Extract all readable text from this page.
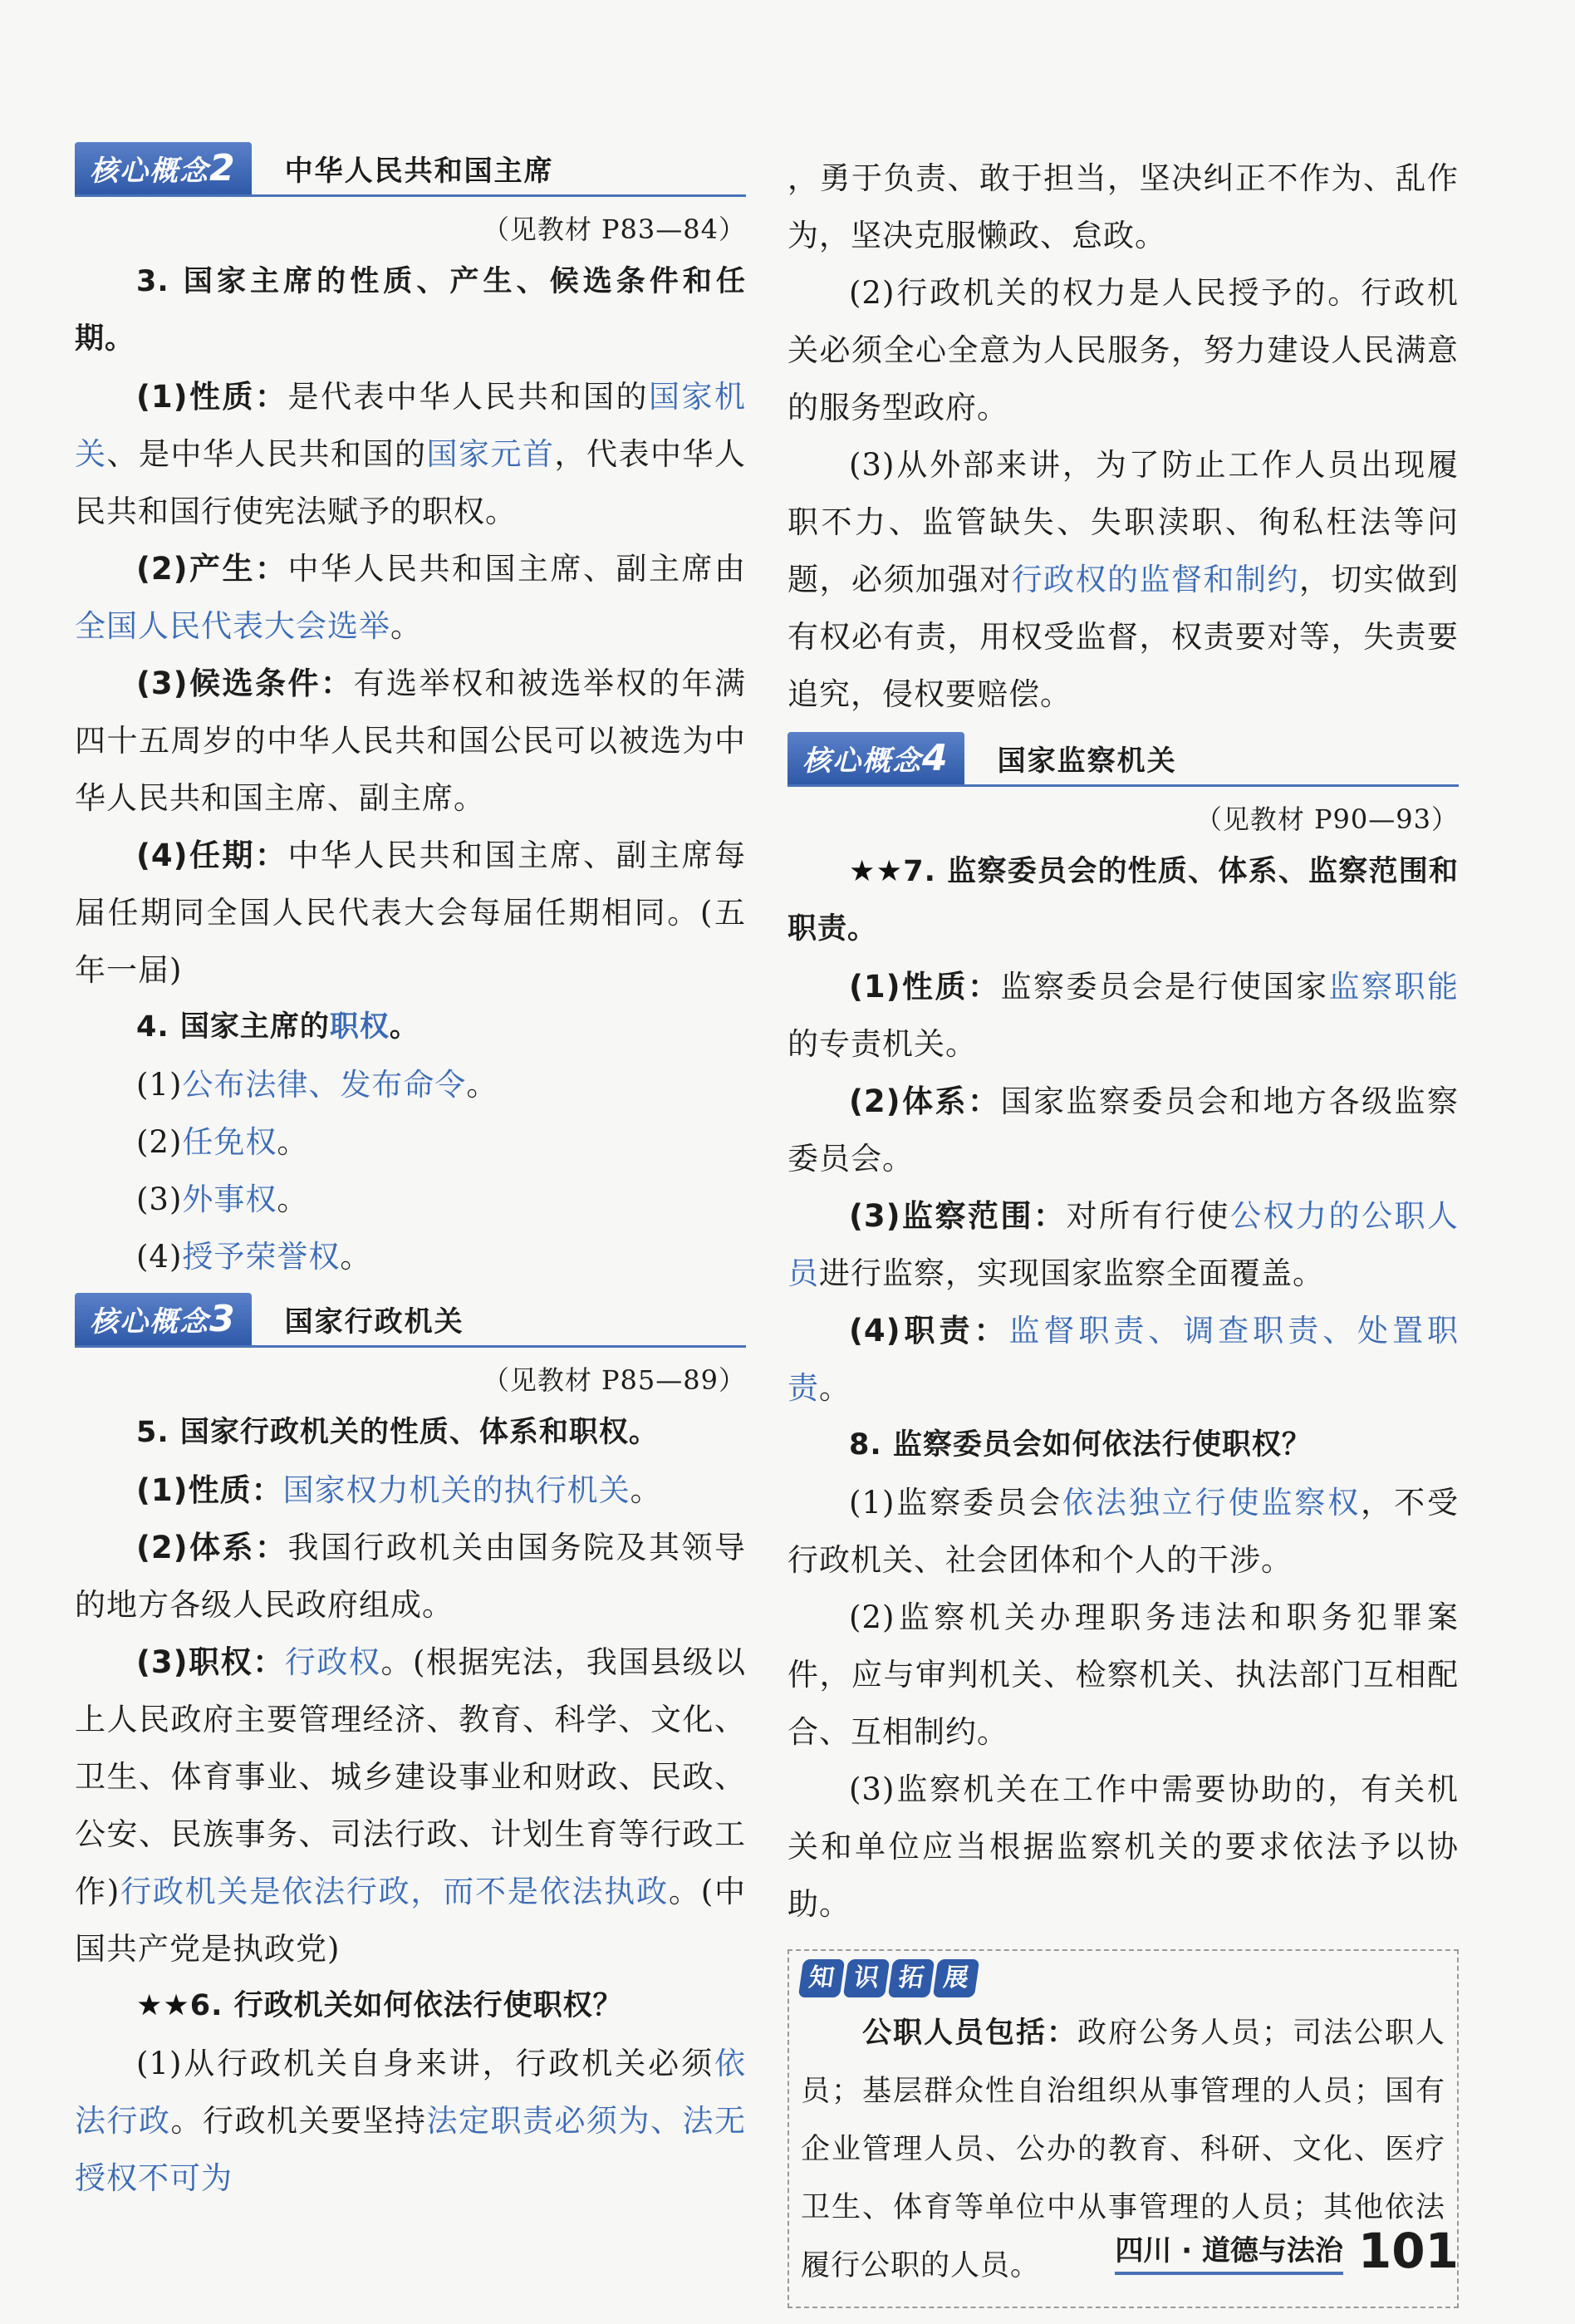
核心概念2	中华人民共和国主席
（见教材 P83—84）

3. 国家主席的性质、产生、候选条件和任期。

(1)性质：是代表中华人民共和国的国家机关、是中华人民共和国的国家元首，代表中华人民共和国行使宪法赋予的职权。

(2)产生：中华人民共和国主席、副主席由全国人民代表大会选举。

(3)候选条件：有选举权和被选举权的年满四十五周岁的中华人民共和国公民可以被选为中华人民共和国主席、副主席。

(4)任期：中华人民共和国主席、副主席每届任期同全国人民代表大会每届任期相同。(五年一届)

4. 国家主席的职权。

(1)公布法律、发布命令。

(2)任免权。

(3)外事权。

(4)授予荣誉权。

核心概念3	国家行政机关
（见教材 P85—89）

5. 国家行政机关的性质、体系和职权。

(1)性质：国家权力机关的执行机关。

(2)体系：我国行政机关由国务院及其领导的地方各级人民政府组成。

(3)职权：行政权。(根据宪法，我国县级以上人民政府主要管理经济、教育、科学、文化、卫生、体育事业、城乡建设事业和财政、民政、公安、民族事务、司法行政、计划生育等行政工作)行政机关是依法行政，而不是依法执政。(中国共产党是执政党)

★★6. 行政机关如何依法行使职权？

(1)从行政机关自身来讲，行政机关必须依法行政。行政机关要坚持法定职责必须为、法无授权不可为

，勇于负责、敢于担当，坚决纠正不作为、乱作为，坚决克服懒政、怠政。

(2)行政机关的权力是人民授予的。行政机关必须全心全意为人民服务，努力建设人民满意的服务型政府。

(3)从外部来讲，为了防止工作人员出现履职不力、监管缺失、失职渎职、徇私枉法等问题，必须加强对行政权的监督和制约，切实做到有权必有责，用权受监督，权责要对等，失责要追究，侵权要赔偿。

核心概念4	国家监察机关
（见教材 P90—93）

★★7. 监察委员会的性质、体系、监察范围和职责。

(1)性质：监察委员会是行使国家监察职能的专责机关。

(2)体系：国家监察委员会和地方各级监察委员会。

(3)监察范围：对所有行使公权力的公职人员进行监察，实现国家监察全面覆盖。

(4)职责：监督职责、调查职责、处置职责。

8. 监察委员会如何依法行使职权？

(1)监察委员会依法独立行使监察权，不受行政机关、社会团体和个人的干涉。

(2)监察机关办理职务违法和职务犯罪案件，应与审判机关、检察机关、执法部门互相配合、互相制约。

(3)监察机关在工作中需要协助的，有关机关和单位应当根据监察机关的要求依法予以协助。

知 识 拓 展

公职人员包括：政府公务人员；司法公职人员；基层群众性自治组织从事管理的人员；国有企业管理人员、公办的教育、科研、文化、医疗卫生、体育等单位中从事管理的人员；其他依法履行公职的人员。	四川 · 道德与法治 101
